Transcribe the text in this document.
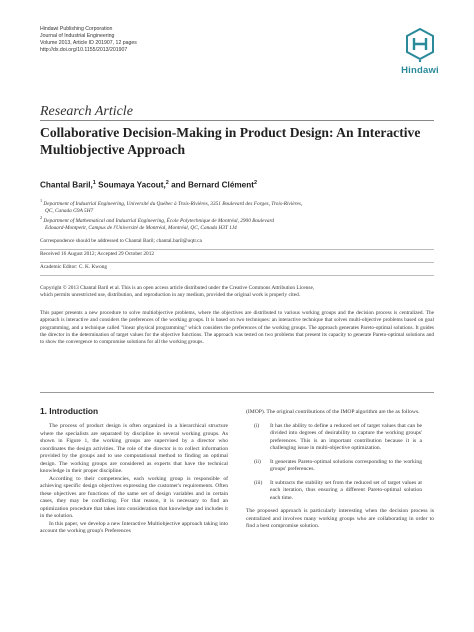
Hindawi Publishing Corporation
Journal of Industrial Engineering
Volume 2013, Article ID 201907, 12 pages
http://dx.doi.org/10.1155/2013/201907
Hindawi
Research Article
Collaborative Decision-Making in Product Design: An Interactive
Multiobjective Approach
Chantal Baril,$^1$ Soumaya Yacout,$^2$ and Bernard Clément$^2$
$^1$ Department of Industrial Engineering, Université du Québec à Trois-Rivières, 3351 Boulevard des Forges, Trois-Rivières,
QC, Canada G9A 5H7
$^2$ Department of Mathematical and Industrial Engineering, École Polytechnique de Montréal, 2900 Boulevard
Edouard-Montpetit, Campus de l'Université de Montréal, Montréal, QC, Canada H3T 1J4
Correspondence should be addressed to Chantal Baril; chantal.baril@uqtr.ca
Received 16 August 2012; Accepted 29 October 2012
Academic Editor: C. K. Kwong
Copyright © 2013 Chantal Baril et al. This is an open access article distributed under the Creative Commons Attribution License,
which permits unrestricted use, distribution, and reproduction in any medium, provided the original work is properly cited.
This paper presents a new procedure to solve multiobjective problems, where the objectives are distributed to various working groups and the decision process is centralized. The approach is interactive and considers the preferences of the working groups. It is based on two techniques: an interactive technique that solves multi-objective problems based on goal programming, and a technique called "linear physical programming" which considers the preferences of the working groups. The approach generates Pareto-optimal solutions. It guides the director in the determination of target values for the objective functions. The approach was tested on two problems that present its capacity to generate Pareto-optimal solutions and to show the convergence to compromise solutions for all the working groups.
1. Introduction

The process of product design is often organized in a hierarchical structure where the specialists are separated by discipline in several working groups. As shown in Figure 1, the working groups are supervised by a director who coordinates the design activities. The role of the director is to collect information provided by the groups and to use computational method to finding an optimal design. The working groups are considered as experts that have the technical knowledge in their proper discipline.

According to their competencies, each working group is responsible of achieving specific design objectives expressing the customer's requirements. Often these objectives are functions of the same set of design variables and in certain cases, they may be conflicting. For that reason, it is necessary to find an optimization procedure that takes into consideration that knowledge and includes it in the solution.

In this paper, we develop a new Interactive Multiobjective approach taking into account the working group's Preferences

(IMOP). The original contributions of the IMOP algorithm are the as follows.

(i)	It has the ability to define a reduced set of target values that can be divided into degrees of desirability to capture the working groups' preferences. This is an important contribution because it is a challenging issue in multi-objective optimization.
(ii)	It generates Pareto-optimal solutions corresponding to the working groups' preferences.
(iii)	It subtracts the stability set from the reduced set of target values at each iteration, thus ensuring a different Pareto-optimal solution each time.

The proposed approach is particularly interesting when the decision process is centralized and involves many working groups who are collaborating in order to find a best compromise solution.
